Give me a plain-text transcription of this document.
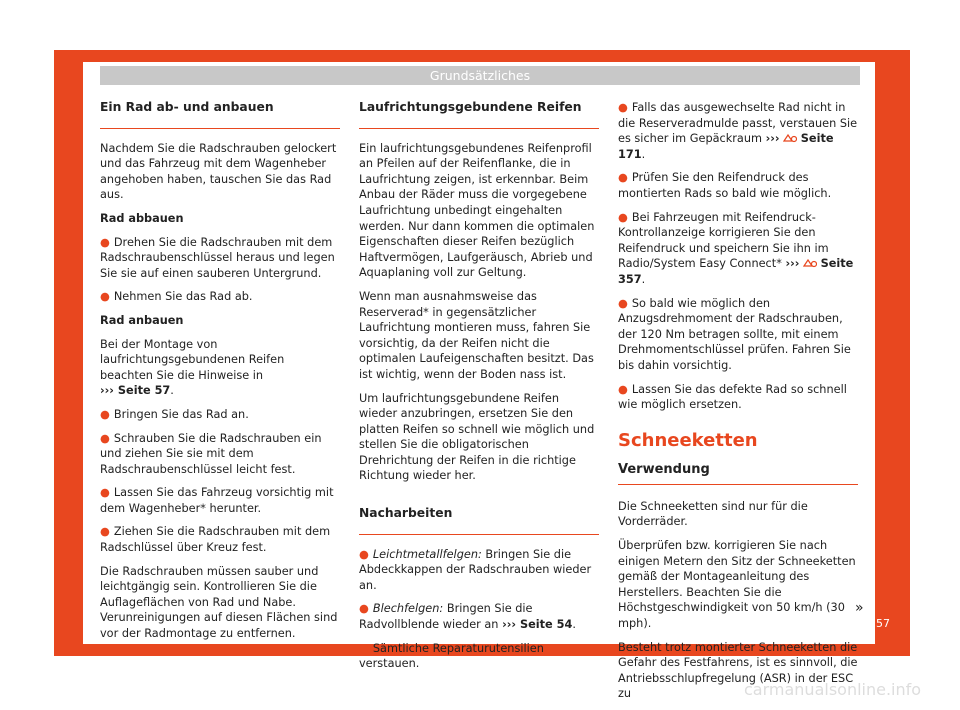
Grundsätzliches
Ein Rad ab- und anbauen

Nachdem Sie die Radschrauben gelockert und das Fahrzeug mit dem Wagenheber angehoben haben, tauschen Sie das Rad aus.

Rad abbauen

● Drehen Sie die Radschrauben mit dem Radschraubenschlüssel heraus und legen Sie sie auf einen sauberen Untergrund.

● Nehmen Sie das Rad ab.

Rad anbauen

Bei der Montage von laufrichtungsgebundenen Reifen beachten Sie die Hinweise in
››› Seite 57.

● Bringen Sie das Rad an.

● Schrauben Sie die Radschrauben ein und ziehen Sie sie mit dem Radschraubenschlüssel leicht fest.

● Lassen Sie das Fahrzeug vorsichtig mit dem Wagenheber* herunter.

● Ziehen Sie die Radschrauben mit dem Radschlüssel über Kreuz fest.

Die Radschrauben müssen sauber und leichtgängig sein. Kontrollieren Sie die Auflageflächen von Rad und Nabe. Verunreinigungen auf diesen Flächen sind vor der Radmontage zu entfernen.

Laufrichtungsgebundene Reifen

Ein laufrichtungsgebundenes Reifenprofil an Pfeilen auf der Reifenflanke, die in Laufrichtung zeigen, ist erkennbar. Beim Anbau der Räder muss die vorgegebene Laufrichtung unbedingt eingehalten werden. Nur dann kommen die optimalen Eigenschaften dieser Reifen bezüglich Haftvermögen, Laufgeräusch, Abrieb und Aquaplaning voll zur Geltung.

Wenn man ausnahmsweise das Reserverad* in gegensätzlicher Laufrichtung montieren muss, fahren Sie vorsichtig, da der Reifen nicht die optimalen Laufeigenschaften besitzt. Das ist wichtig, wenn der Boden nass ist.

Um laufrichtungsgebundene Reifen wieder anzubringen, ersetzen Sie den platten Reifen so schnell wie möglich und stellen Sie die obligatorischen Drehrichtung der Reifen in die richtige Richtung wieder her.

Nacharbeiten

● Leichtmetallfelgen: Bringen Sie die Abdeckkappen der Radschrauben wieder an.

● Blechfelgen: Bringen Sie die Radvollblende wieder an ››› Seite 54.

● Sämtliche Reparaturutensilien verstauen.

● Falls das ausgewechselte Rad nicht in die Reserveradmulde passt, verstauen Sie es sicher im Gepäckraum ››› Seite 171.

● Prüfen Sie den Reifendruck des montierten Rads so bald wie möglich.

● Bei Fahrzeugen mit Reifendruck-Kontrollanzeige korrigieren Sie den Reifendruck und speichern Sie ihn im Radio/System Easy Connect* ››› Seite 357.

● So bald wie möglich den Anzugsdrehmoment der Radschrauben, der 120 Nm betragen sollte, mit einem Drehmomentschlüssel prüfen. Fahren Sie bis dahin vorsichtig.

● Lassen Sie das defekte Rad so schnell wie möglich ersetzen.

Schneeketten
Verwendung

Die Schneeketten sind nur für die Vorderräder.

Überprüfen bzw. korrigieren Sie nach einigen Metern den Sitz der Schneeketten gemäß der Montageanleitung des Herstellers. Beachten Sie die Höchstgeschwindigkeit von 50 km/h (30 mph).

Besteht trotz montierter Schneeketten die Gefahr des Festfahrens, ist es sinnvoll, die Antriebsschlupfregelung (ASR) in der ESC zu

»
57
carmanualsonline.info
